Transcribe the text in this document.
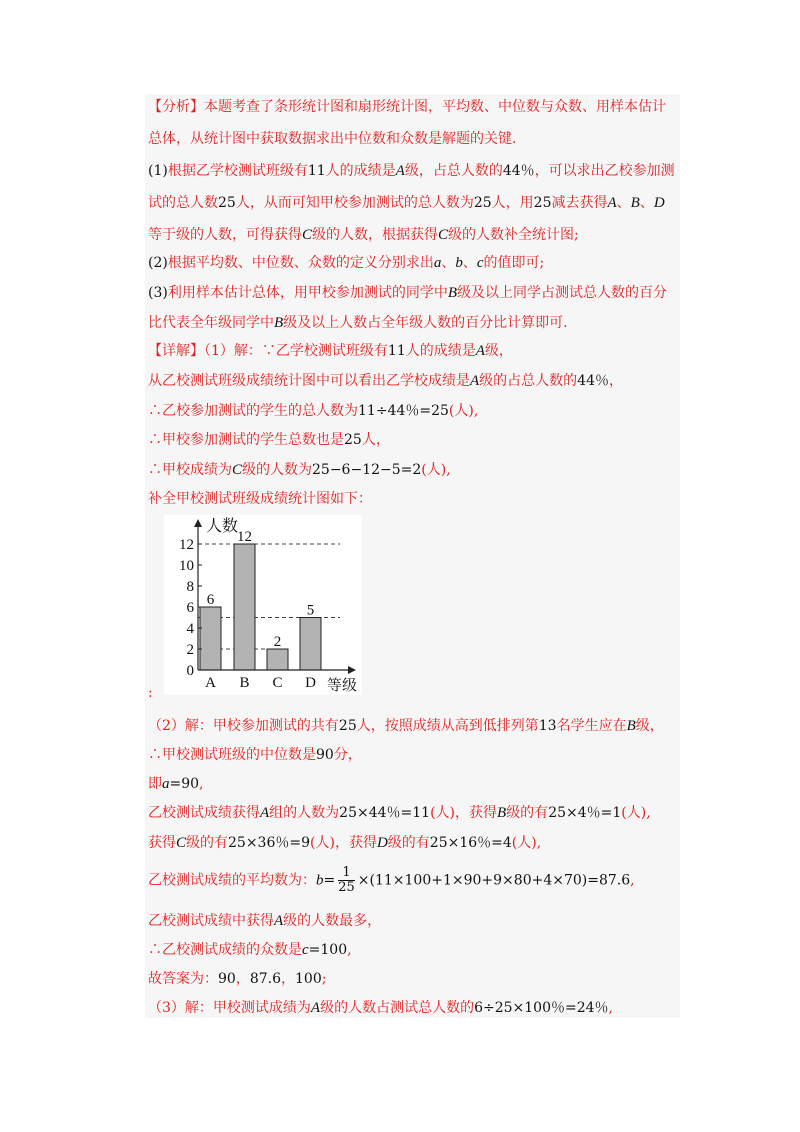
【分析】本题考查了条形统计图和扇形统计图，平均数、中位数与众数、用样本估计
总体，从统计图中获取数据求出中位数和众数是解题的关键.
(1)根据乙学校测试班级有11人的成绩是A级，占总人数的44％，可以求出乙校参加测
试的总人数25人，从而可知甲校参加测试的总人数为25人，用25减去获得A、B、D
等于级的人数，可得获得C级的人数，根据获得C级的人数补全统计图;
(2)根据平均数、中位数、众数的定义分别求出a、b、c的值即可;
(3)利用样本估计总体，用甲校参加测试的同学中B级及以上同学占测试总人数的百分
比代表全年级同学中B级及以上人数占全年级人数的百分比计算即可.
【详解】（1）解：∵乙学校测试班级有11人的成绩是A级，
从乙校测试班级成绩统计图中可以看出乙学校成绩是A级的占总人数的44％，
∴乙校参加测试的学生的总人数为11÷44％=25(人),
∴甲校参加测试的学生总数也是25人，
∴甲校成绩为C级的人数为25−6−12−5=2(人),
补全甲校测试班级成绩统计图如下：
人数
等级
0
2
4
6
8
10
12
A B C D
6
12
2
5
:
（2）解：甲校参加测试的共有25人，按照成绩从高到低排列第13名学生应在B级，
∴甲校测试班级的中位数是90分，
即a=90,
乙校测试成绩获得A组的人数为25×44％=11(人)，获得B级的有25×4％=1(人),
获得C级的有25×36％=9(人)，获得D级的有25×16％=4(人),
乙校测试成绩的平均数为：$b= \frac{1}{25} \times(11\times 100+1\times 90+9\times 80+4\times 70)=87.6$,
乙校测试成绩中获得A级的人数最多，
∴乙校测试成绩的众数是c=100,
故答案为：90，87.6，100;
（3）解：甲校测试成绩为A级的人数占测试总人数的6÷25×100％=24％,
